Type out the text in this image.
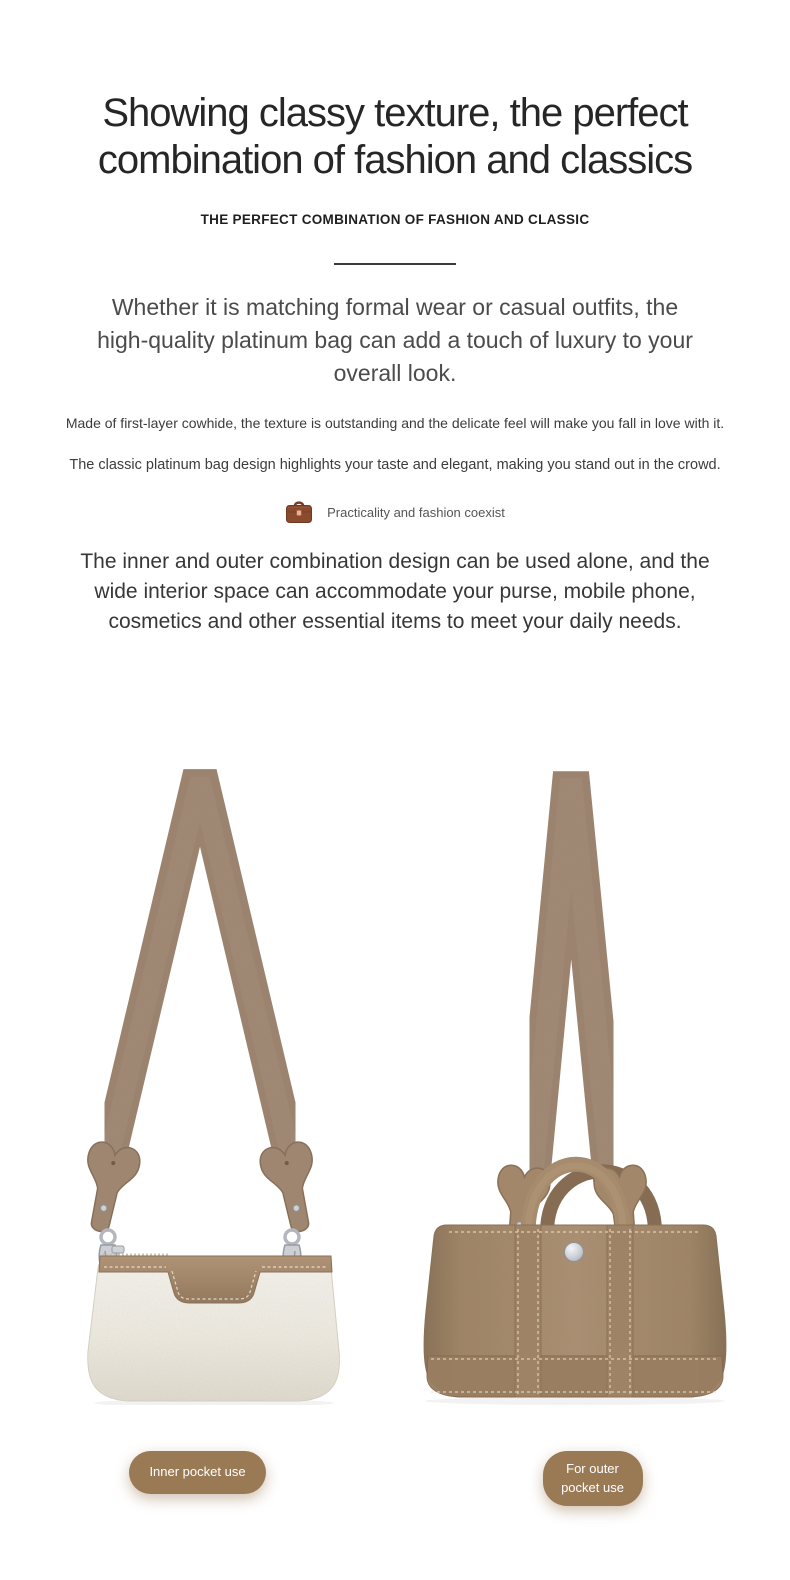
Showing classy texture, the perfect
combination of fashion and classics
THE PERFECT COMBINATION OF FASHION AND CLASSIC

Whether it is matching formal wear or casual outfits, the
high-quality platinum bag can add a touch of luxury to your
overall look.

Made of first-layer cowhide, the texture is outstanding and the delicate feel will make you fall in love with it.

The classic platinum bag design highlights your taste and elegant, making you stand out in the crowd.

Practicality and fashion coexist

The inner and outer combination design can be used alone, and the
wide interior space can accommodate your purse, mobile phone,
cosmetics and other essential items to meet your daily needs.

Inner pocket use	For outer pocket use
